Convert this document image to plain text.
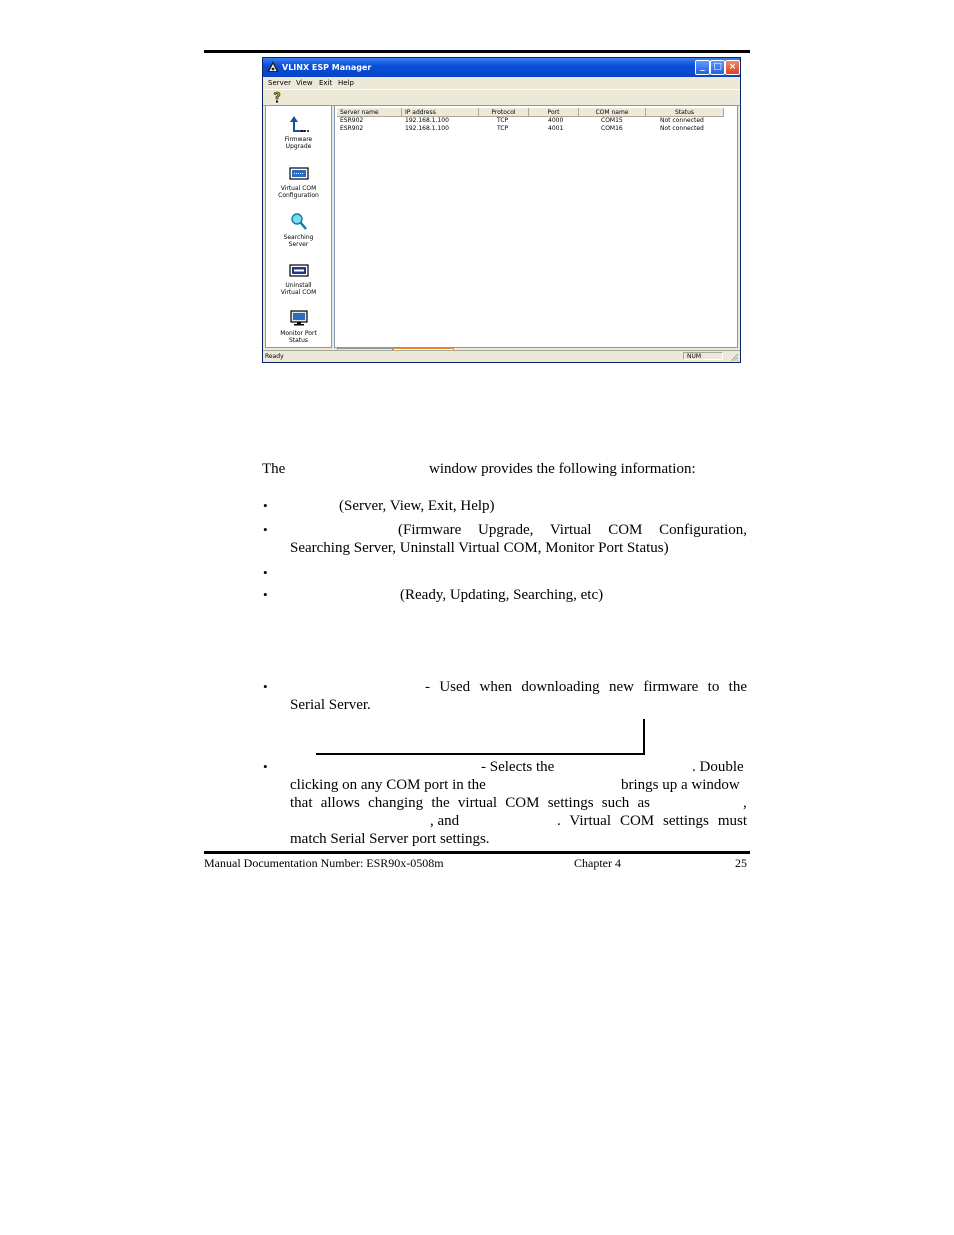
VLINX ESP Manager	_ □ ×
Server View Exit Help
Firmware
Upgrade
Virtual COM
Configuration
Searching
Server
Uninstall
Virtual COM
Monitor Port
Status
Server name	IP address	Protocol	Port	COM name	Status
ESR902	192.168.1.100	TCP	4000	COM15	Not connected
ESR902	192.168.1.100	TCP	4001	COM16	Not connected
Ready	NUM
The	window provides the following information:
•	(Server, View, Exit, Help)
•	(Firmware Upgrade, Virtual COM Configuration,
Searching Server, Uninstall Virtual COM, Monitor Port Status)
•
•	(Ready, Updating, Searching, etc)
•	- Used when downloading new firmware to the
Serial Server.
•	- Selects the	. Double
clicking on any COM port in the	brings up a window
that allows changing the virtual COM settings such as	,
, and	. Virtual COM settings must
match Serial Server port settings.
Manual Documentation Number: ESR90x-0508m	Chapter 4	25
